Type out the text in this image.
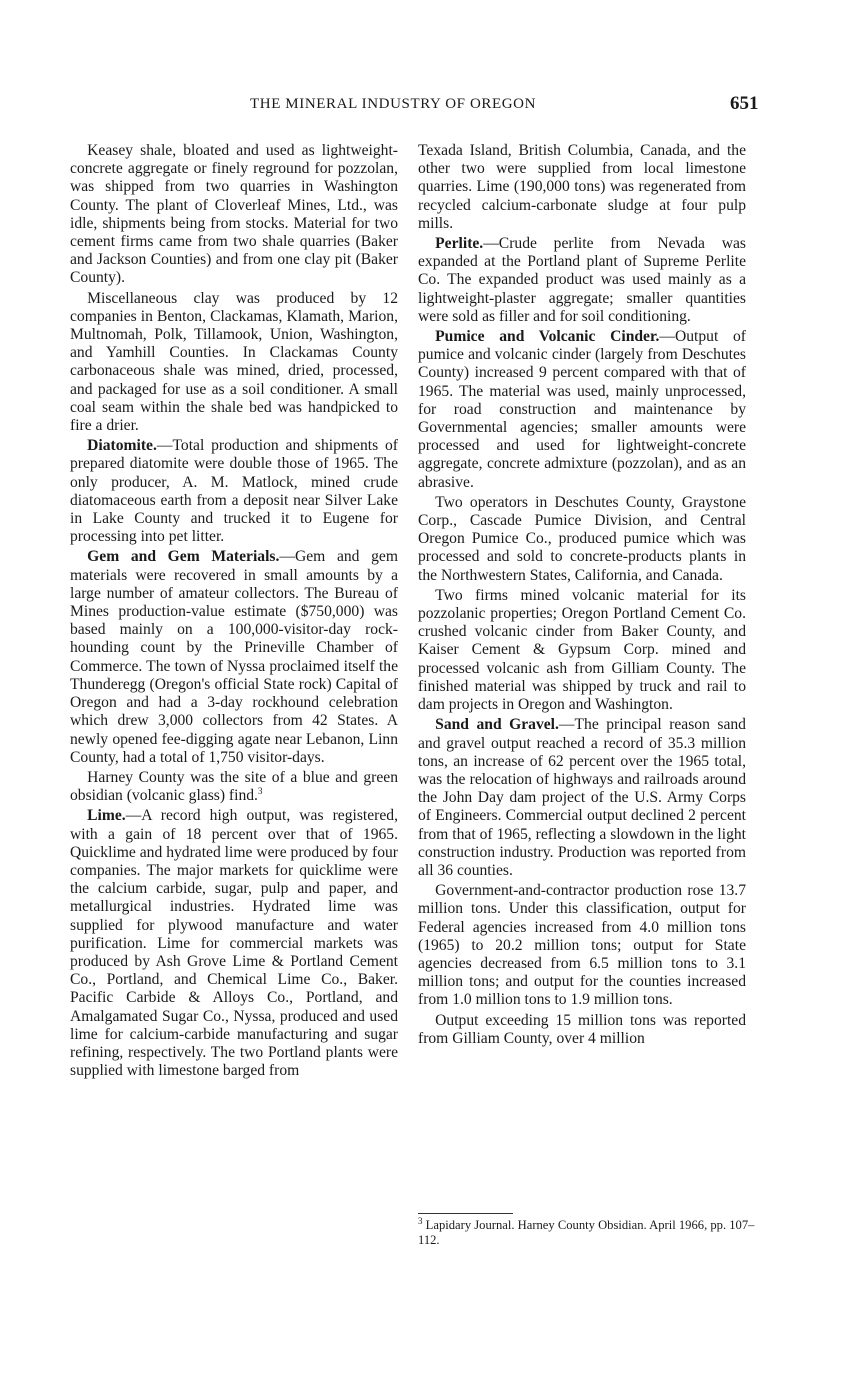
THE MINERAL INDUSTRY OF OREGON	651

Keasey shale, bloated and used as lightweight-concrete aggregate or finely reground for pozzolan, was shipped from two quarries in Washington County. The plant of Cloverleaf Mines, Ltd., was idle, shipments being from stocks. Material for two cement firms came from two shale quarries (Baker and Jackson Counties) and from one clay pit (Baker County).

Miscellaneous clay was produced by 12 companies in Benton, Clackamas, Klamath, Marion, Multnomah, Polk, Tillamook, Union, Washington, and Yamhill Counties. In Clackamas County carbonaceous shale was mined, dried, processed, and packaged for use as a soil conditioner. A small coal seam within the shale bed was handpicked to fire a drier.

Diatomite.—Total production and shipments of prepared diatomite were double those of 1965. The only producer, A. M. Matlock, mined crude diatomaceous earth from a deposit near Silver Lake in Lake County and trucked it to Eugene for processing into pet litter.

Gem and Gem Materials.—Gem and gem materials were recovered in small amounts by a large number of amateur collectors. The Bureau of Mines production-value estimate ($750,000) was based mainly on a 100,000-visitor-day rock-hounding count by the Prineville Chamber of Commerce. The town of Nyssa proclaimed itself the Thunderegg (Oregon's official State rock) Capital of Oregon and had a 3-day rockhound celebration which drew 3,000 collectors from 42 States. A newly opened fee-digging agate near Lebanon, Linn County, had a total of 1,750 visitor-days.

Harney County was the site of a blue and green obsidian (volcanic glass) find.$^3$

Lime.—A record high output, was registered, with a gain of 18 percent over that of 1965. Quicklime and hydrated lime were produced by four companies. The major markets for quicklime were the calcium carbide, sugar, pulp and paper, and metallurgical industries. Hydrated lime was supplied for plywood manufacture and water purification. Lime for commercial markets was produced by Ash Grove Lime & Portland Cement Co., Portland, and Chemical Lime Co., Baker. Pacific Carbide & Alloys Co., Portland, and Amalgamated Sugar Co., Nyssa, produced and used lime for calcium-carbide manufacturing and sugar refining, respectively. The two Portland plants were supplied with limestone barged from

Texada Island, British Columbia, Canada, and the other two were supplied from local limestone quarries. Lime (190,000 tons) was regenerated from recycled calcium-carbonate sludge at four pulp mills.

Perlite.—Crude perlite from Nevada was expanded at the Portland plant of Supreme Perlite Co. The expanded product was used mainly as a lightweight-plaster aggregate; smaller quantities were sold as filler and for soil conditioning.

Pumice and Volcanic Cinder.—Output of pumice and volcanic cinder (largely from Deschutes County) increased 9 percent compared with that of 1965. The material was used, mainly unprocessed, for road construction and maintenance by Governmental agencies; smaller amounts were processed and used for lightweight-concrete aggregate, concrete admixture (pozzolan), and as an abrasive.

Two operators in Deschutes County, Graystone Corp., Cascade Pumice Division, and Central Oregon Pumice Co., produced pumice which was processed and sold to concrete-products plants in the Northwestern States, California, and Canada.

Two firms mined volcanic material for its pozzolanic properties; Oregon Portland Cement Co. crushed volcanic cinder from Baker County, and Kaiser Cement & Gypsum Corp. mined and processed volcanic ash from Gilliam County. The finished material was shipped by truck and rail to dam projects in Oregon and Washington.

Sand and Gravel.—The principal reason sand and gravel output reached a record of 35.3 million tons, an increase of 62 percent over the 1965 total, was the relocation of highways and railroads around the John Day dam project of the U.S. Army Corps of Engineers. Commercial output declined 2 percent from that of 1965, reflecting a slowdown in the light construction industry. Production was reported from all 36 counties.

Government-and-contractor production rose 13.7 million tons. Under this classification, output for Federal agencies increased from 4.0 million tons (1965) to 20.2 million tons; output for State agencies decreased from 6.5 million tons to 3.1 million tons; and output for the counties increased from 1.0 million tons to 1.9 million tons.

Output exceeding 15 million tons was reported from Gilliam County, over 4 million

$^3$ Lapidary Journal. Harney County Obsidian. April 1966, pp. 107–112.
